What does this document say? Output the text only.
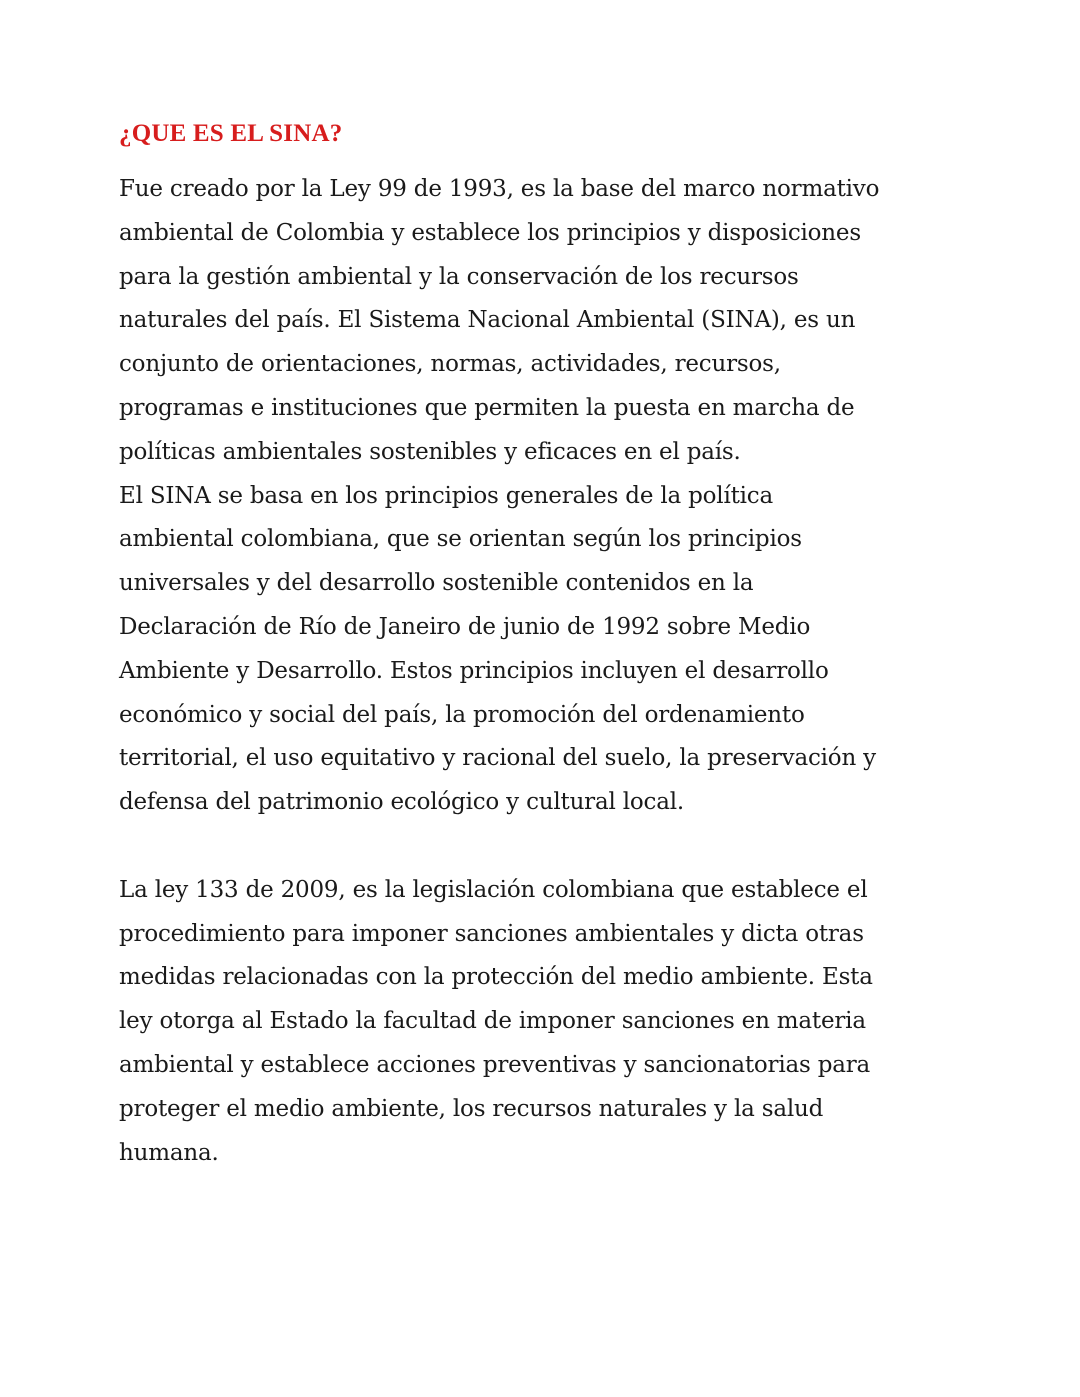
¿QUE ES EL SINA?

Fue creado por la Ley 99 de 1993, es la base del marco normativo
ambiental de Colombia y establece los principios y disposiciones
para la gestión ambiental y la conservación de los recursos
naturales del país. El Sistema Nacional Ambiental (SINA), es un
conjunto de orientaciones, normas, actividades, recursos,
programas e instituciones que permiten la puesta en marcha de
políticas ambientales sostenibles y eficaces en el país.
El SINA se basa en los principios generales de la política
ambiental colombiana, que se orientan según los principios
universales y del desarrollo sostenible contenidos en la
Declaración de Río de Janeiro de junio de 1992 sobre Medio
Ambiente y Desarrollo. Estos principios incluyen el desarrollo
económico y social del país, la promoción del ordenamiento
territorial, el uso equitativo y racional del suelo, la preservación y
defensa del patrimonio ecológico y cultural local.

La ley 133 de 2009, es la legislación colombiana que establece el
procedimiento para imponer sanciones ambientales y dicta otras
medidas relacionadas con la protección del medio ambiente. Esta
ley otorga al Estado la facultad de imponer sanciones en materia
ambiental y establece acciones preventivas y sancionatorias para
proteger el medio ambiente, los recursos naturales y la salud
humana.
